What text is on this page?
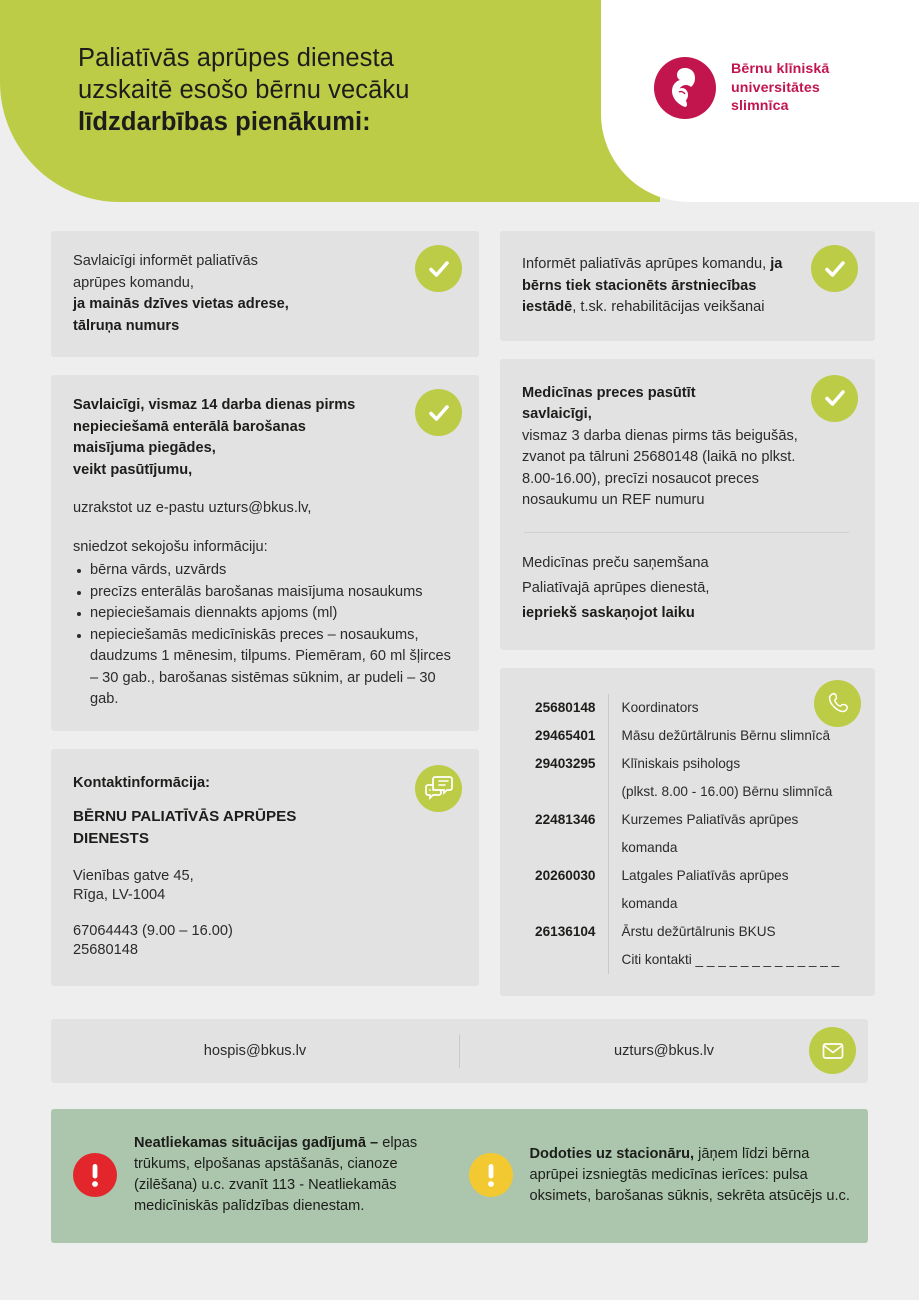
Paliatīvās aprūpes dienesta
uzskaitē esošo bērnu vecāku
līdzdarbības pienākumi:
Bērnu klīniskā
universitātes
slimnīca
Savlaicīgi informēt paliatīvās
aprūpes komandu,
ja mainās dzīves vietas adrese,
tālruņa numurs
Savlaicīgi, vismaz 14 darba dienas pirms
nepieciešamā enterālā barošanas
maisījuma piegādes,
veikt pasūtījumu,
uzrakstot uz e-pastu uzturs@bkus.lv,
sniedzot sekojošu informāciju:
bērna vārds, uzvārds
precīzs enterālās barošanas maisījuma nosaukums
nepieciešamais diennakts apjoms (ml)
nepieciešamās medicīniskās preces – nosaukums, daudzums 1 mēnesim, tilpums. Piemēram, 60 ml šļirces – 30 gab., barošanas sistēmas sūknim, ar pudeli – 30 gab.
Kontaktinformācija:
BĒRNU PALIATĪVĀS APRŪPES
DIENESTS
Vienības gatve 45,
Rīga, LV-1004
67064443 (9.00 – 16.00)
25680148
Informēt paliatīvās aprūpes komandu, ja bērns tiek stacionēts ārstniecības iestādē, t.sk. rehabilitācijas veikšanai
Medicīnas preces pasūtīt
savlaicīgi,
vismaz 3 darba dienas pirms tās beigušās, zvanot pa tālruni 25680148 (laikā no plkst. 8.00-16.00), precīzi nosaucot preces nosaukumu un REF numuru
Medicīnas preču saņemšana
Paliatīvajā aprūpes dienestā,
iepriekš saskaņojot laiku
25680148	Koordinators
29465401	Māsu dežūrtālrunis Bērnu slimnīcā
29403295	Klīniskais psihologs
	(plkst. 8.00 - 16.00) Bērnu slimnīcā
22481346	Kurzemes Paliatīvās aprūpes
	komanda
20260030	Latgales Paliatīvās aprūpes
	komanda
26136104	Ārstu dežūrtālrunis BKUS
	Citi kontakti _ _ _ _ _ _ _ _ _ _ _ _ _
hospis@bkus.lv	uzturs@bkus.lv
Neatliekamas situācijas gadījumā – elpas trūkums, elpošanas apstāšanās, cianoze (zilēšana) u.c. zvanīt 113 - Neatliekamās medicīniskās palīdzības dienestam.
Dodoties uz stacionāru, jāņem līdzi bērna aprūpei izsniegtās medicīnas ierīces: pulsa oksimets, barošanas sūknis, sekrēta atsūcējs u.c.
